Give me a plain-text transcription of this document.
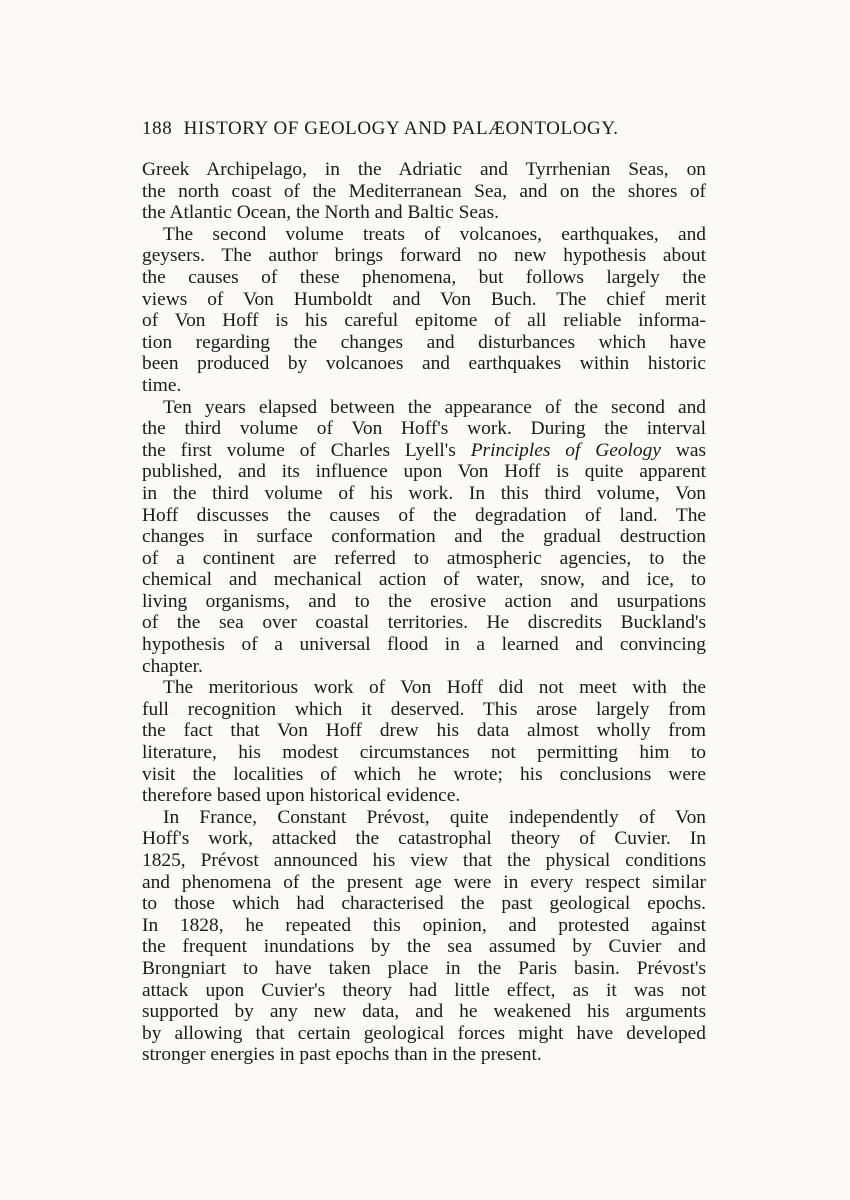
188 HISTORY OF GEOLOGY AND PALÆONTOLOGY.

Greek Archipelago, in the Adriatic and Tyrrhenian Seas, on
the north coast of the Mediterranean Sea, and on the shores of
the Atlantic Ocean, the North and Baltic Seas.

The second volume treats of volcanoes, earthquakes, and
geysers. The author brings forward no new hypothesis about
the causes of these phenomena, but follows largely the
views of Von Humboldt and Von Buch. The chief merit
of Von Hoff is his careful epitome of all reliable informa-
tion regarding the changes and disturbances which have
been produced by volcanoes and earthquakes within historic
time.

Ten years elapsed between the appearance of the second and
the third volume of Von Hoff's work. During the interval
the first volume of Charles Lyell's Principles of Geology was
published, and its influence upon Von Hoff is quite apparent
in the third volume of his work. In this third volume, Von
Hoff discusses the causes of the degradation of land. The
changes in surface conformation and the gradual destruction
of a continent are referred to atmospheric agencies, to the
chemical and mechanical action of water, snow, and ice, to
living organisms, and to the erosive action and usurpations
of the sea over coastal territories. He discredits Buckland's
hypothesis of a universal flood in a learned and convincing
chapter.

The meritorious work of Von Hoff did not meet with the
full recognition which it deserved. This arose largely from
the fact that Von Hoff drew his data almost wholly from
literature, his modest circumstances not permitting him to
visit the localities of which he wrote; his conclusions were
therefore based upon historical evidence.

In France, Constant Prévost, quite independently of Von
Hoff's work, attacked the catastrophal theory of Cuvier. In
1825, Prévost announced his view that the physical conditions
and phenomena of the present age were in every respect similar
to those which had characterised the past geological epochs.
In 1828, he repeated this opinion, and protested against
the frequent inundations by the sea assumed by Cuvier and
Brongniart to have taken place in the Paris basin. Prévost's
attack upon Cuvier's theory had little effect, as it was not
supported by any new data, and he weakened his arguments
by allowing that certain geological forces might have developed
stronger energies in past epochs than in the present.
